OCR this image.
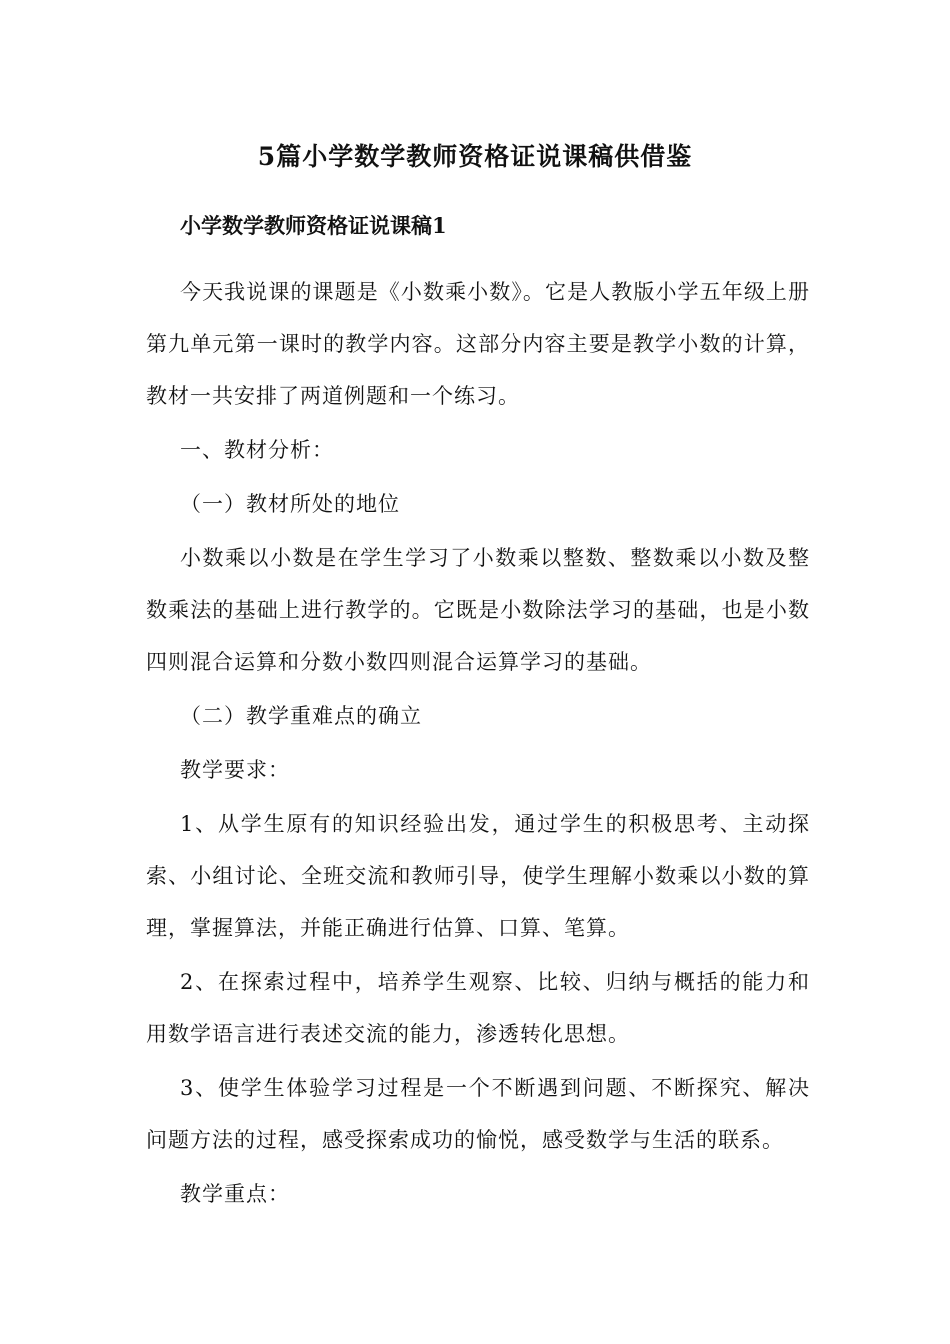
5篇小学数学教师资格证说课稿供借鉴
小学数学教师资格证说课稿1

今天我说课的课题是《小数乘小数》。它是人教版小学五年级上册第九单元第一课时的教学内容。这部分内容主要是教学小数的计算，教材一共安排了两道例题和一个练习。

一、教材分析：

（一）教材所处的地位

小数乘以小数是在学生学习了小数乘以整数、整数乘以小数及整数乘法的基础上进行教学的。它既是小数除法学习的基础，也是小数四则混合运算和分数小数四则混合运算学习的基础。

（二）教学重难点的确立

教学要求：

1、从学生原有的知识经验出发，通过学生的积极思考、主动探索、小组讨论、全班交流和教师引导，使学生理解小数乘以小数的算理，掌握算法，并能正确进行估算、口算、笔算。

2、在探索过程中，培养学生观察、比较、归纳与概括的能力和用数学语言进行表述交流的能力，渗透转化思想。

3、使学生体验学习过程是一个不断遇到问题、不断探究、解决问题方法的过程，感受探索成功的愉悦，感受数学与生活的联系。

教学重点：
